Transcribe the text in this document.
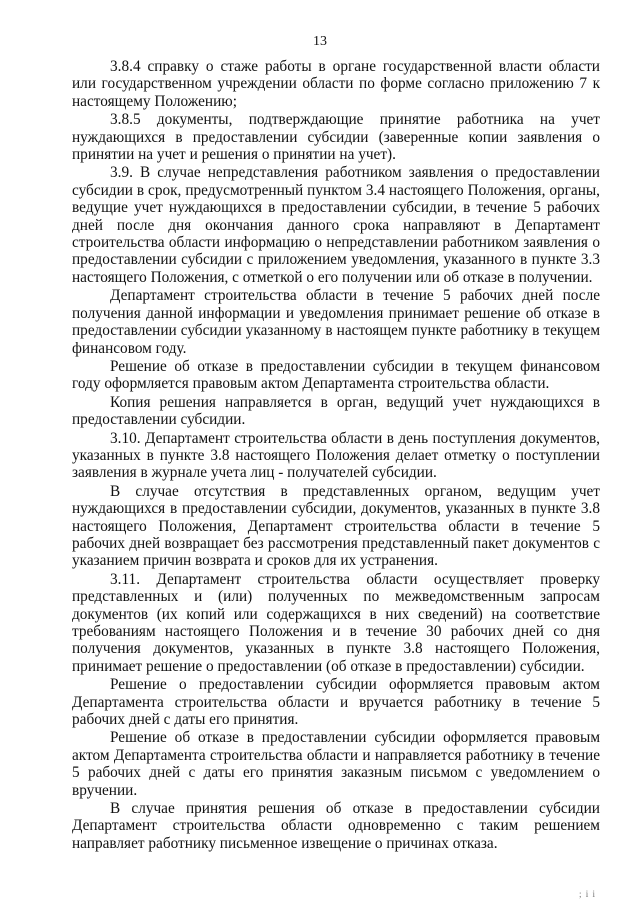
13

3.8.4 справку о стаже работы в органе государственной власти области или государственном учреждении области по форме согласно приложению 7 к настоящему Положению;

3.8.5 документы, подтверждающие принятие работника на учет нуждающихся в предоставлении субсидии (заверенные копии заявления о принятии на учет и решения о принятии на учет).

3.9. В случае непредставления работником заявления о предоставлении субсидии в срок, предусмотренный пунктом 3.4 настоящего Положения, органы, ведущие учет нуждающихся в предоставлении субсидии, в течение 5 рабочих дней после дня окончания данного срока направляют в Департамент строительства области информацию о непредставлении работником заявления о предоставлении субсидии с приложением уведомления, указанного в пункте 3.3 настоящего Положения, с отметкой о его получении или об отказе в получении.

Департамент строительства области в течение 5 рабочих дней после получения данной информации и уведомления принимает решение об отказе в предоставлении субсидии указанному в настоящем пункте работнику в текущем финансовом году.

Решение об отказе в предоставлении субсидии в текущем финансовом году оформляется правовым актом Департамента строительства области.

Копия решения направляется в орган, ведущий учет нуждающихся в предоставлении субсидии.

3.10. Департамент строительства области в день поступления документов, указанных в пункте 3.8 настоящего Положения делает отметку о поступлении заявления в журнале учета лиц - получателей субсидии.

В случае отсутствия в представленных органом, ведущим учет нуждающихся в предоставлении субсидии, документов, указанных в пункте 3.8 настоящего Положения, Департамент строительства области в течение 5 рабочих дней возвращает без рассмотрения представленный пакет документов с указанием причин возврата и сроков для их устранения.

3.11. Департамент строительства области осуществляет проверку представленных и (или) полученных по межведомственным запросам документов (их копий или содержащихся в них сведений) на соответствие требованиям настоящего Положения и в течение 30 рабочих дней со дня получения документов, указанных в пункте 3.8 настоящего Положения, принимает решение о предоставлении (об отказе в предоставлении) субсидии.

Решение о предоставлении субсидии оформляется правовым актом Департамента строительства области и вручается работнику в течение 5 рабочих дней с даты его принятия.

Решение об отказе в предоставлении субсидии оформляется правовым актом Департамента строительства области и направляется работнику в течение 5 рабочих дней с даты его принятия заказным письмом с уведомлением о вручении.

В случае принятия решения об отказе в предоставлении субсидии Департамент строительства области одновременно с таким решением направляет работнику письменное извещение о причинах отказа.

; i i
